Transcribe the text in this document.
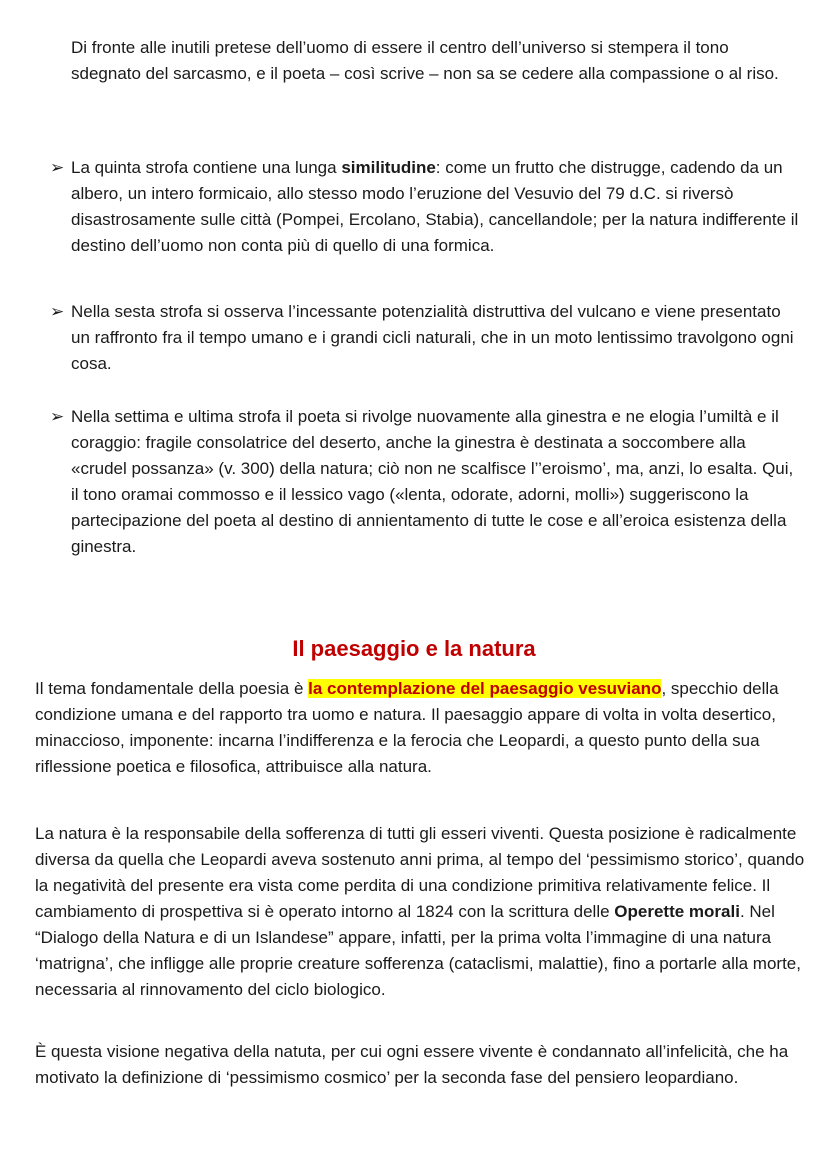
Di fronte alle inutili pretese dell’uomo di essere il centro dell’universo si stempera il tono sdegnato del sarcasmo, e il poeta – così scrive – non sa se cedere alla compassione o al riso.

➢ La quinta strofa contiene una lunga similitudine: come un frutto che distrugge, cadendo da un albero, un intero formicaio, allo stesso modo l’eruzione del Vesuvio del 79 d.C. si riversò disastrosamente sulle città (Pompei, Ercolano, Stabia), cancellandole; per la natura indifferente il destino dell’uomo non conta più di quello di una formica.

➢ Nella sesta strofa si osserva l’incessante potenzialità distruttiva del vulcano e viene presentato un raffronto fra il tempo umano e i grandi cicli naturali, che in un moto lentissimo travolgono ogni cosa.

➢ Nella settima e ultima strofa il poeta si rivolge nuovamente alla ginestra e ne elogia l’umiltà e il coraggio: fragile consolatrice del deserto, anche la ginestra è destinata a soccombere alla «crudel possanza» (v. 300) della natura; ciò non ne scalfisce l’’eroismo’, ma, anzi, lo esalta. Qui, il tono oramai commosso e il lessico vago («lenta, odorate, adorni, molli») suggeriscono la partecipazione del poeta al destino di annientamento di tutte le cose e all’eroica esistenza della ginestra.

Il paesaggio e la natura

Il tema fondamentale della poesia è la contemplazione del paesaggio vesuviano, specchio della condizione umana e del rapporto tra uomo e natura. Il paesaggio appare di volta in volta desertico, minaccioso, imponente: incarna l’indifferenza e la ferocia che Leopardi, a questo punto della sua riflessione poetica e filosofica, attribuisce alla natura.

La natura è la responsabile della sofferenza di tutti gli esseri viventi. Questa posizione è radicalmente diversa da quella che Leopardi aveva sostenuto anni prima, al tempo del ‘pessimismo storico’, quando la negatività del presente era vista come perdita di una condizione primitiva relativamente felice. Il cambiamento di prospettiva si è operato intorno al 1824 con la scrittura delle Operette morali. Nel “Dialogo della Natura e di un Islandese” appare, infatti, per la prima volta l’immagine di una natura ‘matrigna’, che infligge alle proprie creature sofferenza (cataclismi, malattie), fino a portarle alla morte, necessaria al rinnovamento del ciclo biologico.

È questa visione negativa della natuta, per cui ogni essere vivente è condannato all’infelicità, che ha motivato la definizione di ‘pessimismo cosmico’ per la seconda fase del pensiero leopardiano.
